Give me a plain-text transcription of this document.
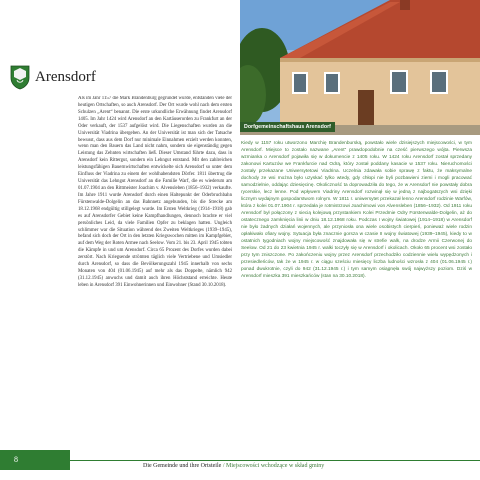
Arensdorf

Als im Jahr 1157 die Mark Brandenburg gegründet wurde, entstanden viele der heutigen Ortschaften, so auch Arensdorf. Der Ort wurde wohl nach dem ersten Schulzen „Arent“ benannt. Die erste urkundliche Erwähnung findet Arensdorf 1405. Im Jahr 1424 wird Arensdorf an den Kartäuserorden zu Frankfurt an der Oder verkauft, der 1537 aufgelöst wird. Die Liegenschaften wurden an die Universität Viadrina übergeben. An der Universität ist man sich der Tatsache bewusst, dass aus dem Dorf nur minimale Einnahmen erzielt werden konnten, wenn man den Bauern das Land nicht nahm, sondern sie eigenständig gegen Leistung das Zehnten wirtschaften ließ. Dieser Umstand führte dazu, dass in Arensdorf kein Rittergut, sondern ein Lehngut entstand. Mit den zahlreichen leistungsfähigen Bauernwirtschaften entwickelte sich Arensdorf so unter dem Einfluss der Viadrina zu einem der wohlhabendsten Dörfer. 1811 übertrug die Universität das Lehngut Arensdorf an die Familie Warf, die es wiederum am 01.07.1904 an den Rittmeister Joachim v. Alvensleben (1856–1932) verkaufte. Im Jahre 1911 wurde Arensdorf durch einen Haltepunkt der Oderbruchbahn Fürstenwalde-Dolgelin an das Bahnnetz angebunden, bis die Strecke am 18.12.1968 endgültig stillgelegt wurde. Im Ersten Weltkrieg (1914–1918) gab es auf Arensdorfer Gebiet keine Kampfhandlungen, dennoch brachte er viel persönliches Leid, da viele Familien Opfer zu beklagen hatten. Ungleich schlimmer war die Situation während des Zweiten Weltkrieges (1939–1945), befand sich doch der Ort in den letzten Kriegswochen mitten im Kampfgebiet, auf dem Weg der Roten Armee nach Seelow. Vom 21. bis 23. April 1945 tobten die Kämpfe in und um Arensdorf. Circa 65 Prozent des Dorfes wurden dabei zerstört. Nach Kriegsende strömten täglich viele Vertriebene und Umsiedler durch Arensdorf, so dass die Bevölkerungszahl 1945 innerhalb von sechs Monaten von 404 (01.06.1945) auf mehr als das Doppelte, nämlich 942 (31.12.1945) anwuchs und damit auch ihren Höchststand erreichte. Heute leben in Arensdorf 391 Einwohnerinnen und Einwohner (Stand 30.10.2018).

Dorfgemeinschaftshaus Arensdorf

Kiedy w 1157 roku utworzono Marchię Brandenburską, powstało wiele dzisiejszych miejscowości, w tym Arensdorf. Miejsce to zostało nazwane „Arent“ prawdopodobnie na cześć pierwszego wójta. Pierwsza wzmianka o Arensdorf pojawiła się w dokumencie z 1405 roku. W 1424 roku Arensdorf został sprzedany zakonowi Kartuzów we Frankfurcie nad Odrą, który został poddany kasacie w 1537 roku. Nieruchomości zostały przekazane Uniwersytetowi Viadrina. Uczelnia zdawała sobie sprawę z faktu, że maksymalne dochody ze wsi można było uzyskać tylko wtedy, gdy chłopi nie byli pozbawieni ziemi i mogli pracować samodzielnie, oddając dziesięcinę. Okoliczność ta doprowadziła do tego, że w Arensdorf nie powstały dobra rycerskie, lecz lenne. Pod wpływem Viadriny Arensdorf rozwinął się w jedną z najbogatszych wsi dzięki licznym wydajnym gospodarstwom rolnym. W 1811 r. uniwersytet przekazał lenno Arensdorf rodzinie Warfów, która z kolei 01.07.1904 r. sprzedała je rotmistrzowi Joachimowi von Alvensleben (1856–1932). Od 1911 roku Arensdorf był połączony z siecią kolejową przystankiem Kolei Przedmie Odry Fürstenwalde-Dolgelin, aż do ostatecznego zamknięcia linii w dniu 18.12.1968 roku. Podczas I wojny światowej (1914–1918) w Arensdorf nie było żadnych działań wojennych, ale przyniosła ona wiele osobistych cierpień, ponieważ wiele rodzin opłakiwało ofiary wojny. Sytuacja była znacznie gorsza w czasie II wojny światowej (1939–1945), kiedy to w ostatnich tygodniach wojny miejscowość znajdowała się w strefie walk, na drodze Armii Czerwonej do Seelow. Od 21 do 23 kwietnia 1945 r. walki toczyły się w Arensdorf i okolicach. Około 65 procent wsi zostało przy tym zniszczone. Po zakończeniu wojny przez Arensdorf przechodziło codziennie wielu wypędzonych i przesiedleńców, tak że w 1945 r. w ciągu sześciu miesięcy liczba ludności wzrosła z 404 (01.06.1945 r.) ponad dwukrotnie, czyli do 942 (31.12.1945 r.) i tym samym osiągnęła swój najwyższy poziom. Dziś w Arensdorf mieszka 391 mieszkańców (stan na 30.10.2018).

8
Die Gemeinde und ihre Ortsteile / Miejscowości wchodzące w skład gminy
